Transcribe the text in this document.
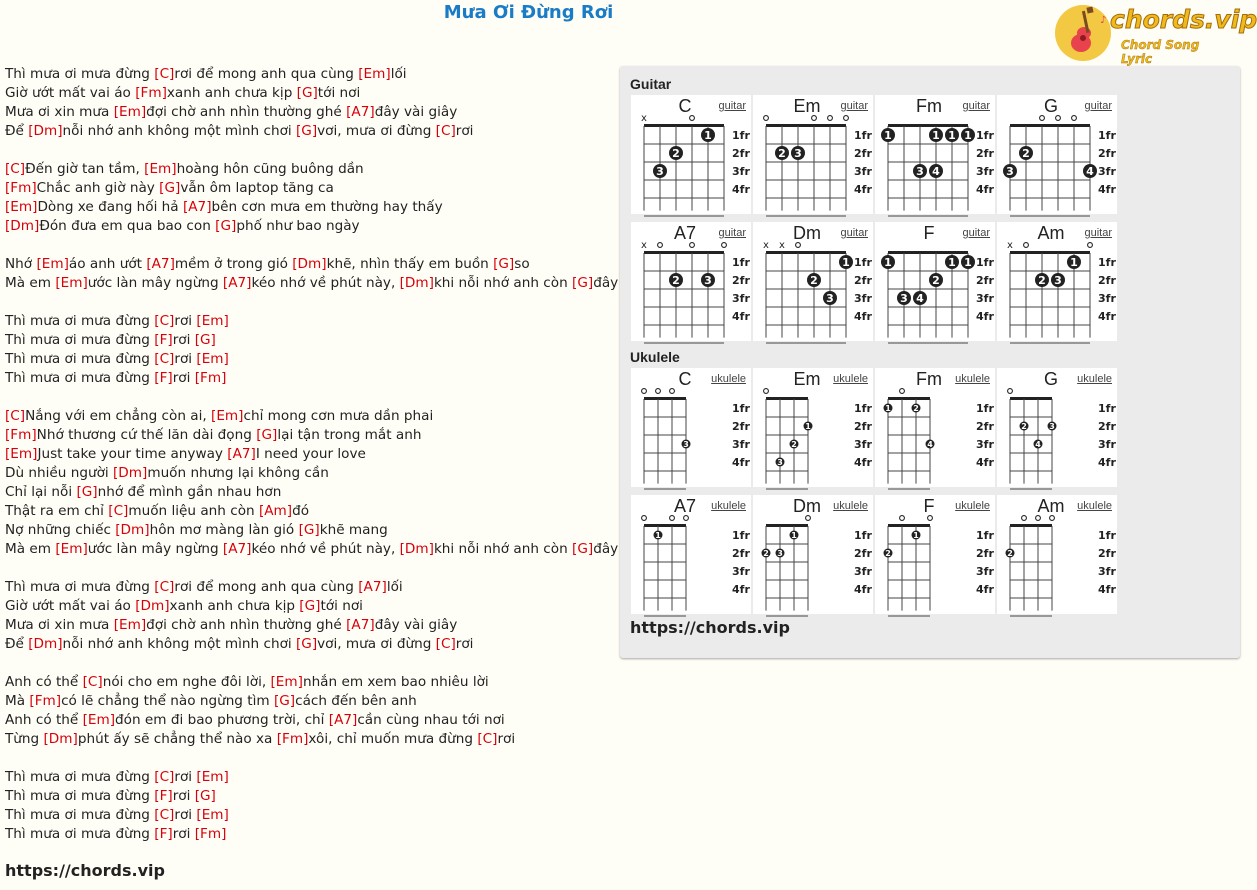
Mưa Ơi Đừng Rơi	♪ chords.vip
Chord Song Lyric
Thì mưa ơi mưa đừng [C]rơi để mong anh qua cùng [Em]lối
Giờ ướt mất vai áo [Fm]xanh anh chưa kịp [G]tới nơi
Mưa ơi xin mưa [Em]đợi chờ anh nhìn thường ghé [A7]đây vài giây
Để [Dm]nỗi nhớ anh không một mình chơi [G]vơi, mưa ơi đừng [C]rơi
[C]Đến giờ tan tầm, [Em]hoàng hôn cũng buông dần
[Fm]Chắc anh giờ này [G]vẫn ôm laptop tăng ca
[Em]Dòng xe đang hối hả [A7]bên cơn mưa em thường hay thấy
[Dm]Đón đưa em qua bao con [G]phố như bao ngày
Nhớ [Em]áo anh ướt [A7]mềm ở trong gió [Dm]khẽ, nhìn thấy em buồn [G]so
Mà em [Em]ước làn mây ngừng [A7]kéo nhớ về phút này, [Dm]khi nỗi nhớ anh còn [G]đây
Thì mưa ơi mưa đừng [C]rơi [Em]
Thì mưa ơi mưa đừng [F]rơi [G]
Thì mưa ơi mưa đừng [C]rơi [Em]
Thì mưa ơi mưa đừng [F]rơi [Fm]
[C]Nắng với em chẳng còn ai, [Em]chỉ mong cơn mưa dần phai
[Fm]Nhớ thương cứ thế lăn dài đọng [G]lại tận trong mắt anh
[Em]Just take your time anyway [A7]I need your love
Dù nhiều người [Dm]muốn nhưng lại không cần
Chỉ lại nỗi [G]nhớ để mình gần nhau hơn
Thật ra em chỉ [C]muốn liệu anh còn [Am]đó
Nợ những chiếc [Dm]hôn mơ màng làn gió [G]khẽ mang
Mà em [Em]ước làn mây ngừng [A7]kéo nhớ về phút này, [Dm]khi nỗi nhớ anh còn [G]đây
Thì mưa ơi mưa đừng [C]rơi để mong anh qua cùng [A7]lối
Giờ ướt mất vai áo [Dm]xanh anh chưa kịp [G]tới nơi
Mưa ơi xin mưa [Em]đợi chờ anh nhìn thường ghé [A7]đây vài giây
Để [Dm]nỗi nhớ anh không một mình chơi [G]vơi, mưa ơi đừng [C]rơi
Anh có thể [C]nói cho em nghe đôi lời, [Em]nhắn em xem bao nhiêu lời
Mà [Fm]có lẽ chẳng thể nào ngừng tìm [G]cách đến bên anh
Anh có thể [Em]đón em đi bao phương trời, chỉ [A7]cần cùng nhau tới nơi
Từng [Dm]phút ấy sẽ chẳng thể nào xa [Fm]xôi, chỉ muốn mưa đừng [C]rơi
Thì mưa ơi mưa đừng [C]rơi [Em]
Thì mưa ơi mưa đừng [F]rơi [G]
Thì mưa ơi mưa đừng [C]rơi [Em]
Thì mưa ơi mưa đừng [F]rơi [Fm]
https://chords.vip
Guitar
Ukulele
x
1fr
2fr
3fr
4fr
1
2
3
C	guitar
1fr
2fr
3fr
4fr
2 3
Em	guitar
1fr
2fr
3fr
4fr
1	1 1 1
3 4
Fm	guitar
1fr
2fr
3fr
4fr
2
3	4
G	guitar
x
1fr
2fr
3fr
4fr
2 3
A7	guitar
x x
1fr
2fr
3fr
4fr
1
2
3
Dm	guitar
1fr
2fr
3fr
4fr
1	1 1
2
3 4
F	guitar
x
1fr
2fr
3fr
4fr
1
2 3
Am	guitar
1fr
2fr
3fr
4fr
3
C	ukulele
1fr
2fr
3fr
4fr
1
2
3
Em	ukulele
1fr
2fr
3fr
4fr
1	2
4
Fm	ukulele
1fr
2fr
3fr
4fr
2	3
4
G	ukulele
1fr
2fr
3fr
4fr
1
A7	ukulele
1fr
2fr
3fr
4fr
1
2 3
Dm	ukulele
1fr
2fr
3fr
4fr
1
2
F	ukulele
1fr
2fr
3fr
4fr
2
Am	ukulele
https://chords.vip
